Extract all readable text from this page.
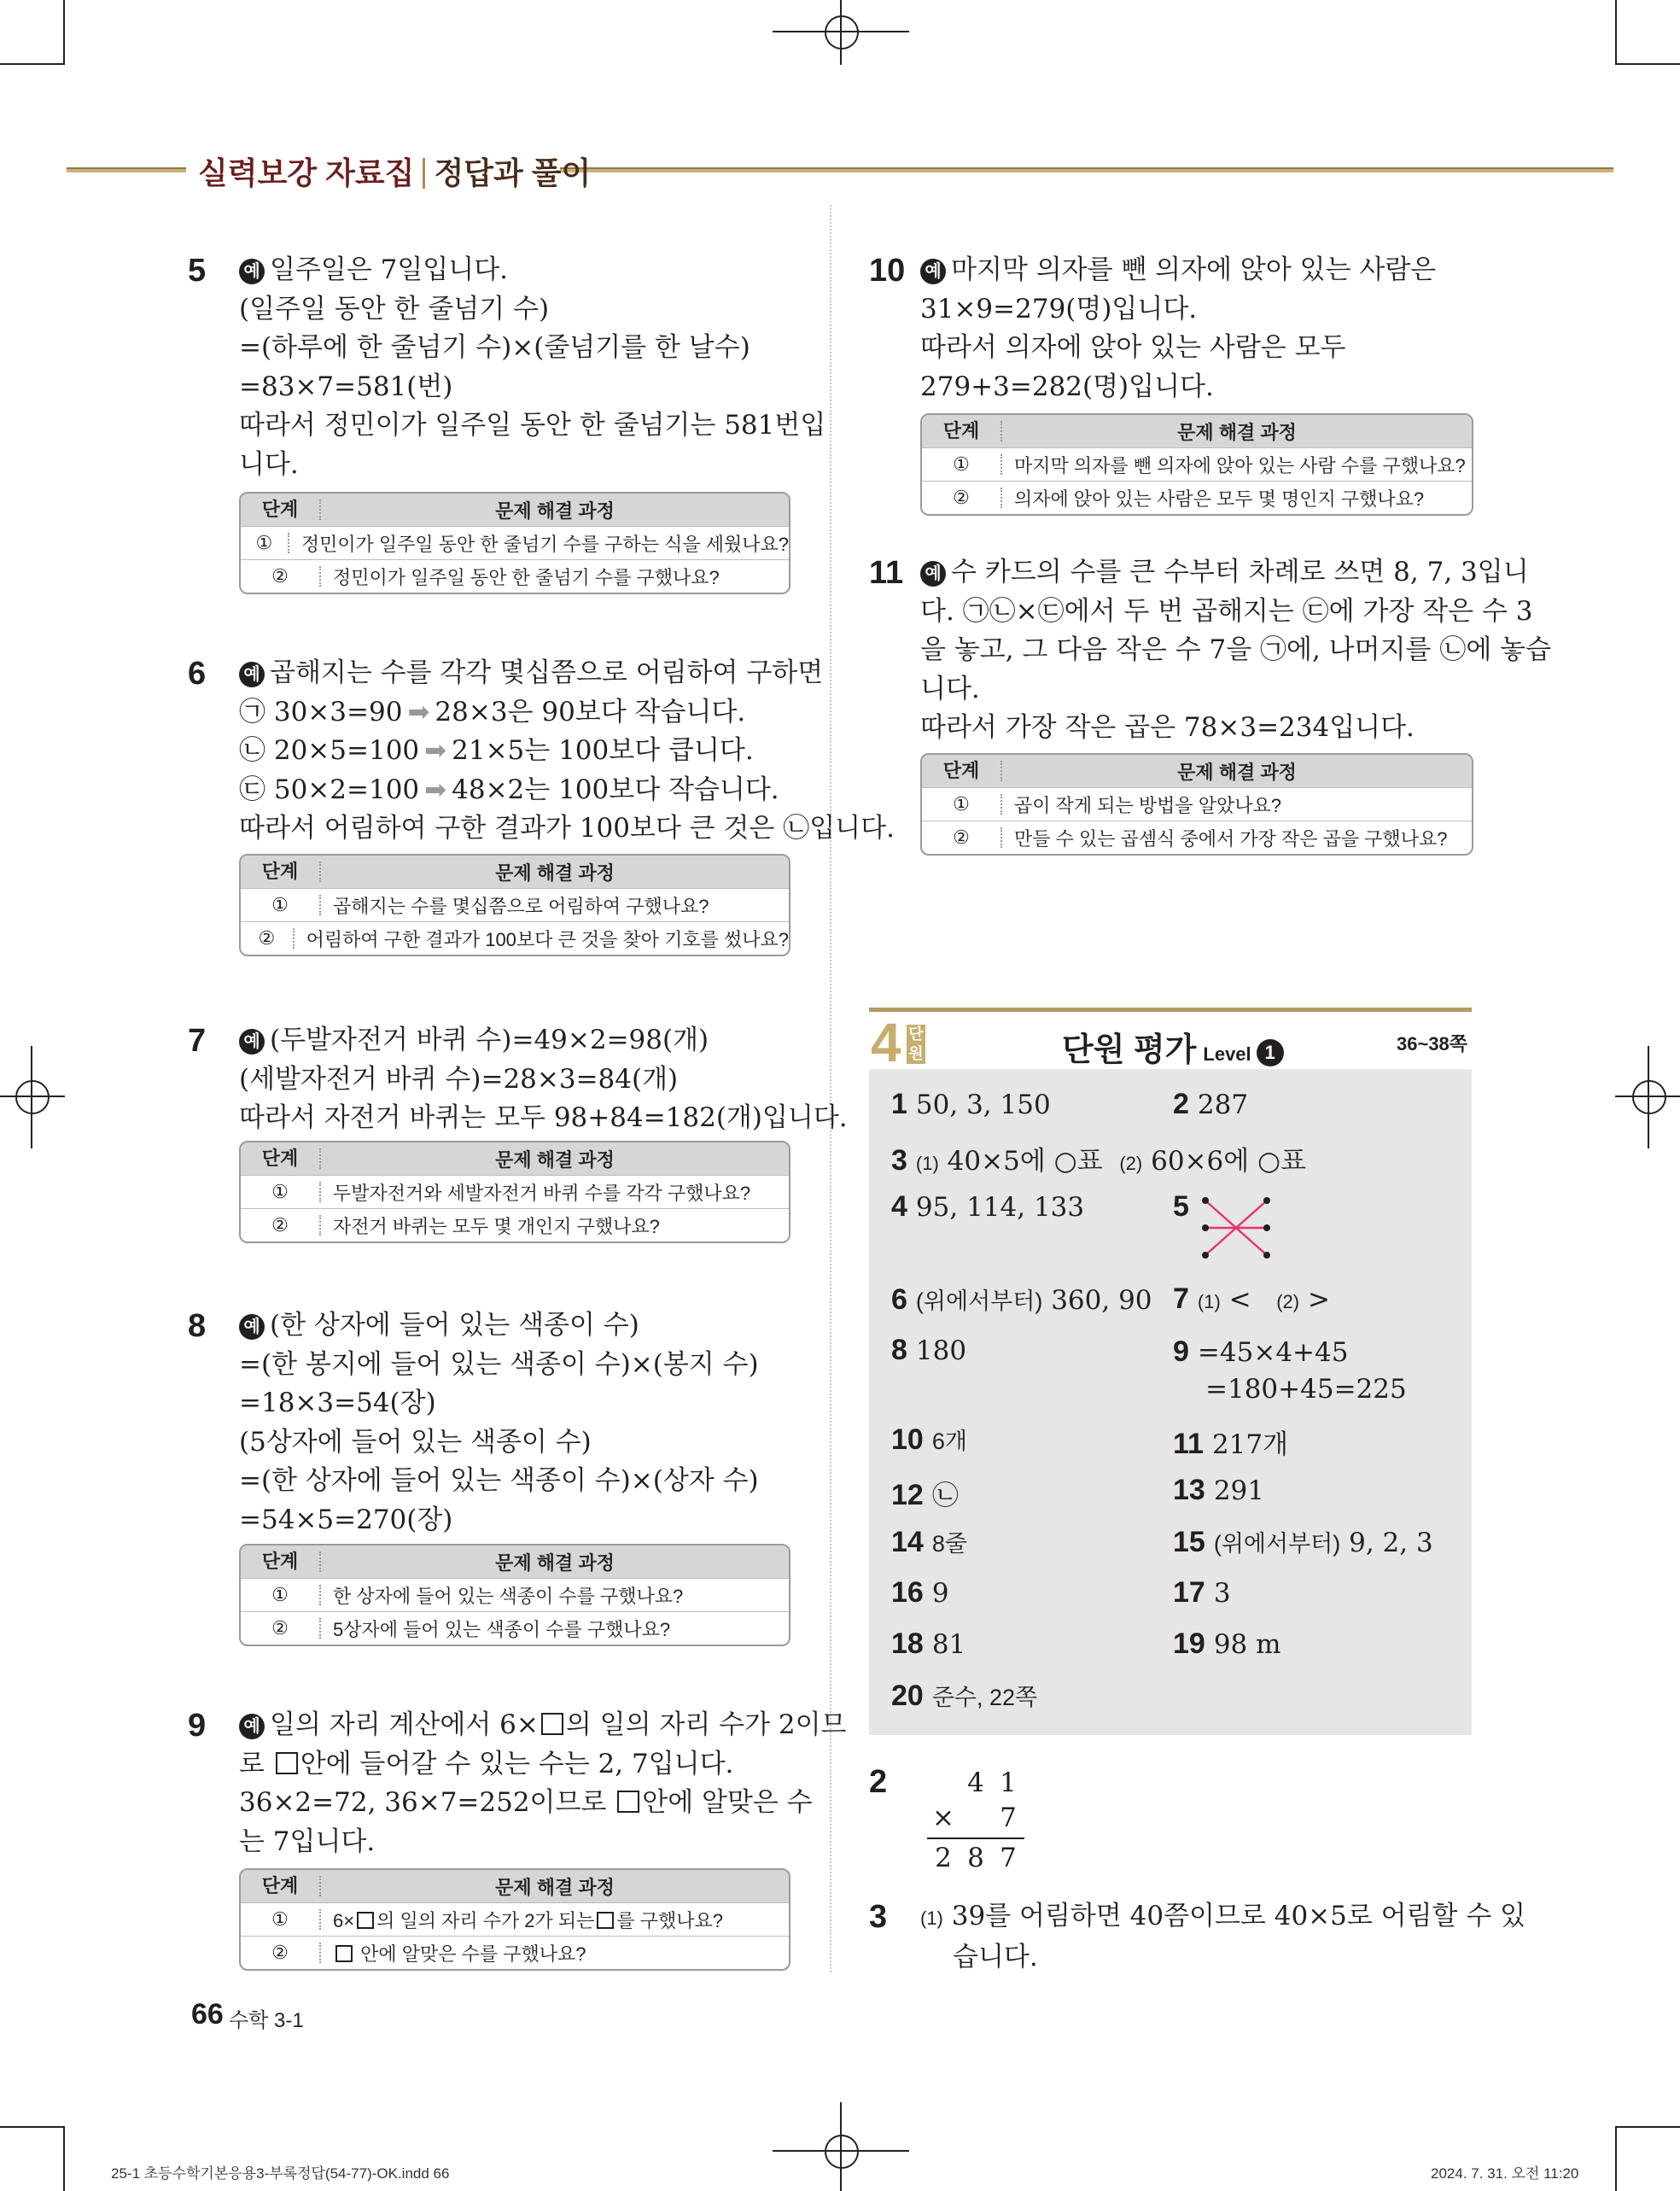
실력보강 자료집 정답과 풀이
5 예 일주일은 7일입니다.
(일주일 동안 한 줄넘기 수)
=(하루에 한 줄넘기 수)×(줄넘기를 한 날수)
=83×7=581(번)
따라서 정민이가 일주일 동안 한 줄넘기는 581번입
니다.
단계	문제 해결 과정
①	정민이가 일주일 동안 한 줄넘기 수를 구하는 식을 세웠나요?
②	정민이가 일주일 동안 한 줄넘기 수를 구했나요?
6 예 곱해지는 수를 각각 몇십쯤으로 어림하여 구하면
㉠ 30×3=90 ➡ 28×3은 90보다 작습니다.
㉡ 20×5=100 ➡ 21×5는 100보다 큽니다.
㉢ 50×2=100 ➡ 48×2는 100보다 작습니다.
따라서 어림하여 구한 결과가 100보다 큰 것은 ㉡입니다.
단계	문제 해결 과정
①	곱해지는 수를 몇십쯤으로 어림하여 구했나요?
②	어림하여 구한 결과가 100보다 큰 것을 찾아 기호를 썼나요?
7 예 (두발자전거 바퀴 수)=49×2=98(개)
(세발자전거 바퀴 수)=28×3=84(개)
따라서 자전거 바퀴는 모두 98+84=182(개)입니다.
단계	문제 해결 과정
①	두발자전거와 세발자전거 바퀴 수를 각각 구했나요?
②	자전거 바퀴는 모두 몇 개인지 구했나요?
8 예 (한 상자에 들어 있는 색종이 수)
=(한 봉지에 들어 있는 색종이 수)×(봉지 수)
=18×3=54(장)
(5상자에 들어 있는 색종이 수)
=(한 상자에 들어 있는 색종이 수)×(상자 수)
=54×5=270(장)
단계	문제 해결 과정
①	한 상자에 들어 있는 색종이 수를 구했나요?
②	5상자에 들어 있는 색종이 수를 구했나요?
9 예 일의 자리 계산에서 6× 의 일의 자리 수가 2이므
로 안에 들어갈 수 있는 수는 2, 7입니다.
36×2=72, 36×7=252이므로 안에 알맞은 수
는 7입니다.
단계	문제 해결 과정
①	6× 의 일의 자리 수가 2가 되는 를 구했나요?
②	안에 알맞은 수를 구했나요?
10 예 마지막 의자를 뺀 의자에 앉아 있는 사람은
31×9=279(명)입니다.
따라서 의자에 앉아 있는 사람은 모두
279+3=282(명)입니다.
단계	문제 해결 과정
①	마지막 의자를 뺀 의자에 앉아 있는 사람 수를 구했나요?
②	의자에 앉아 있는 사람은 모두 몇 명인지 구했나요?
11 예 수 카드의 수를 큰 수부터 차례로 쓰면 8, 7, 3입니
다. ㉠㉡×㉢에서 두 번 곱해지는 ㉢에 가장 작은 수 3
을 놓고, 그 다음 작은 수 7을 ㉠에, 나머지를 ㉡에 놓습
니다.
따라서 가장 작은 곱은 78×3=234입니다.
단계	문제 해결 과정
①	곱이 작게 되는 방법을 알았나요?
②	만들 수 있는 곱셈식 중에서 가장 작은 곱을 구했나요?
4 단
원	단원 평가 Level 1	36~38쪽
1 50, 3, 150	2 287
3 (1) 40×5에 ○표 (2) 60×6에 ○표
4 95, 114, 133	5
6 (위에서부터) 360, 90 7 (1) < (2) >
8 180	9 =45×4+45
=180+45=225
10 6개	11 217개
12 ㉡	13 291
14 8줄	15 (위에서부터) 9, 2, 3
16 9	17 3
18 81	19 98 m
20 준수, 22쪽
2	4 1
× 7
2 8 7
3 (1) 39를 어림하면 40쯤이므로 40×5로 어림할 수 있
습니다.
66 수학 3-1
25-1 초등수학기본응용3-부록정답(54-77)-OK.indd 66	2024. 7. 31. 오전 11:20
